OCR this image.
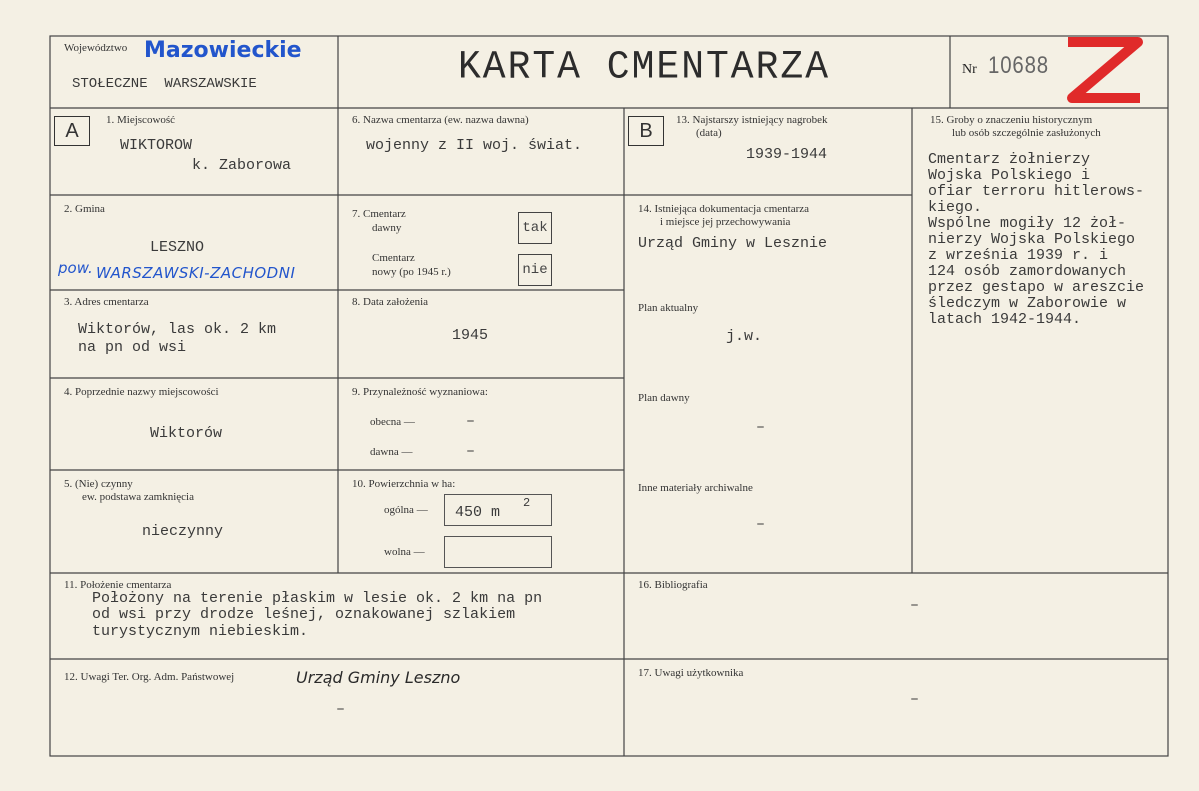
Województwo Mazowieckie
STOŁECZNE  WARSZAWSKIE	KARTA CMENTARZA	Nr 10688
A	B
1. Miejscowość
WIKTOROW
k. Zaborowa
2. Gmina
LESZNO
pow. WARSZAWSKI-ZACHODNI
3. Adres cmentarza
Wiktorów, las ok. 2 km
na pn od wsi
4. Poprzednie nazwy miejscowości
Wiktorów
5. (Nie) czynny
ew. podstawa zamknięcia
nieczynny
6. Nazwa cmentarza (ew. nazwa dawna)
wojenny z II woj. świat.
7. Cmentarz
dawny	tak
Cmentarz
nowy (po 1945 r.)	nie
8. Data założenia
1945
9. Przynależność wyznaniowa:
obecna —	–
dawna —	–
10. Powierzchnia w ha:
ogólna — 450 m
2
wolna —
11. Położenie cmentarza
Położony na terenie płaskim w lesie ok. 2 km na pn
od wsi przy drodze leśnej, oznakowanej szlakiem
turystycznym niebieskim.
12. Uwagi Ter. Org. Adm. Państwowej	Urząd Gminy Leszno
–
13. Najstarszy istniejący nagrobek
(data)
1939-1944
14. Istniejąca dokumentacja cmentarza
i miejsce jej przechowywania
Urząd Gminy w Lesznie
Plan aktualny
j.w.
Plan dawny
–
Inne materiały archiwalne
–
15. Groby o znaczeniu historycznym
lub osób szczególnie zasłużonych
Cmentarz żołnierzy
Wojska Polskiego i
ofiar terroru hitlerows-
kiego.
Wspólne mogiły 12 żoł-
nierzy Wojska Polskiego
z września 1939 r. i
124 osób zamordowanych
przez gestapo w areszcie
śledczym w Zaborowie w
latach 1942-1944.
16. Bibliografia
–
17. Uwagi użytkownika
–
